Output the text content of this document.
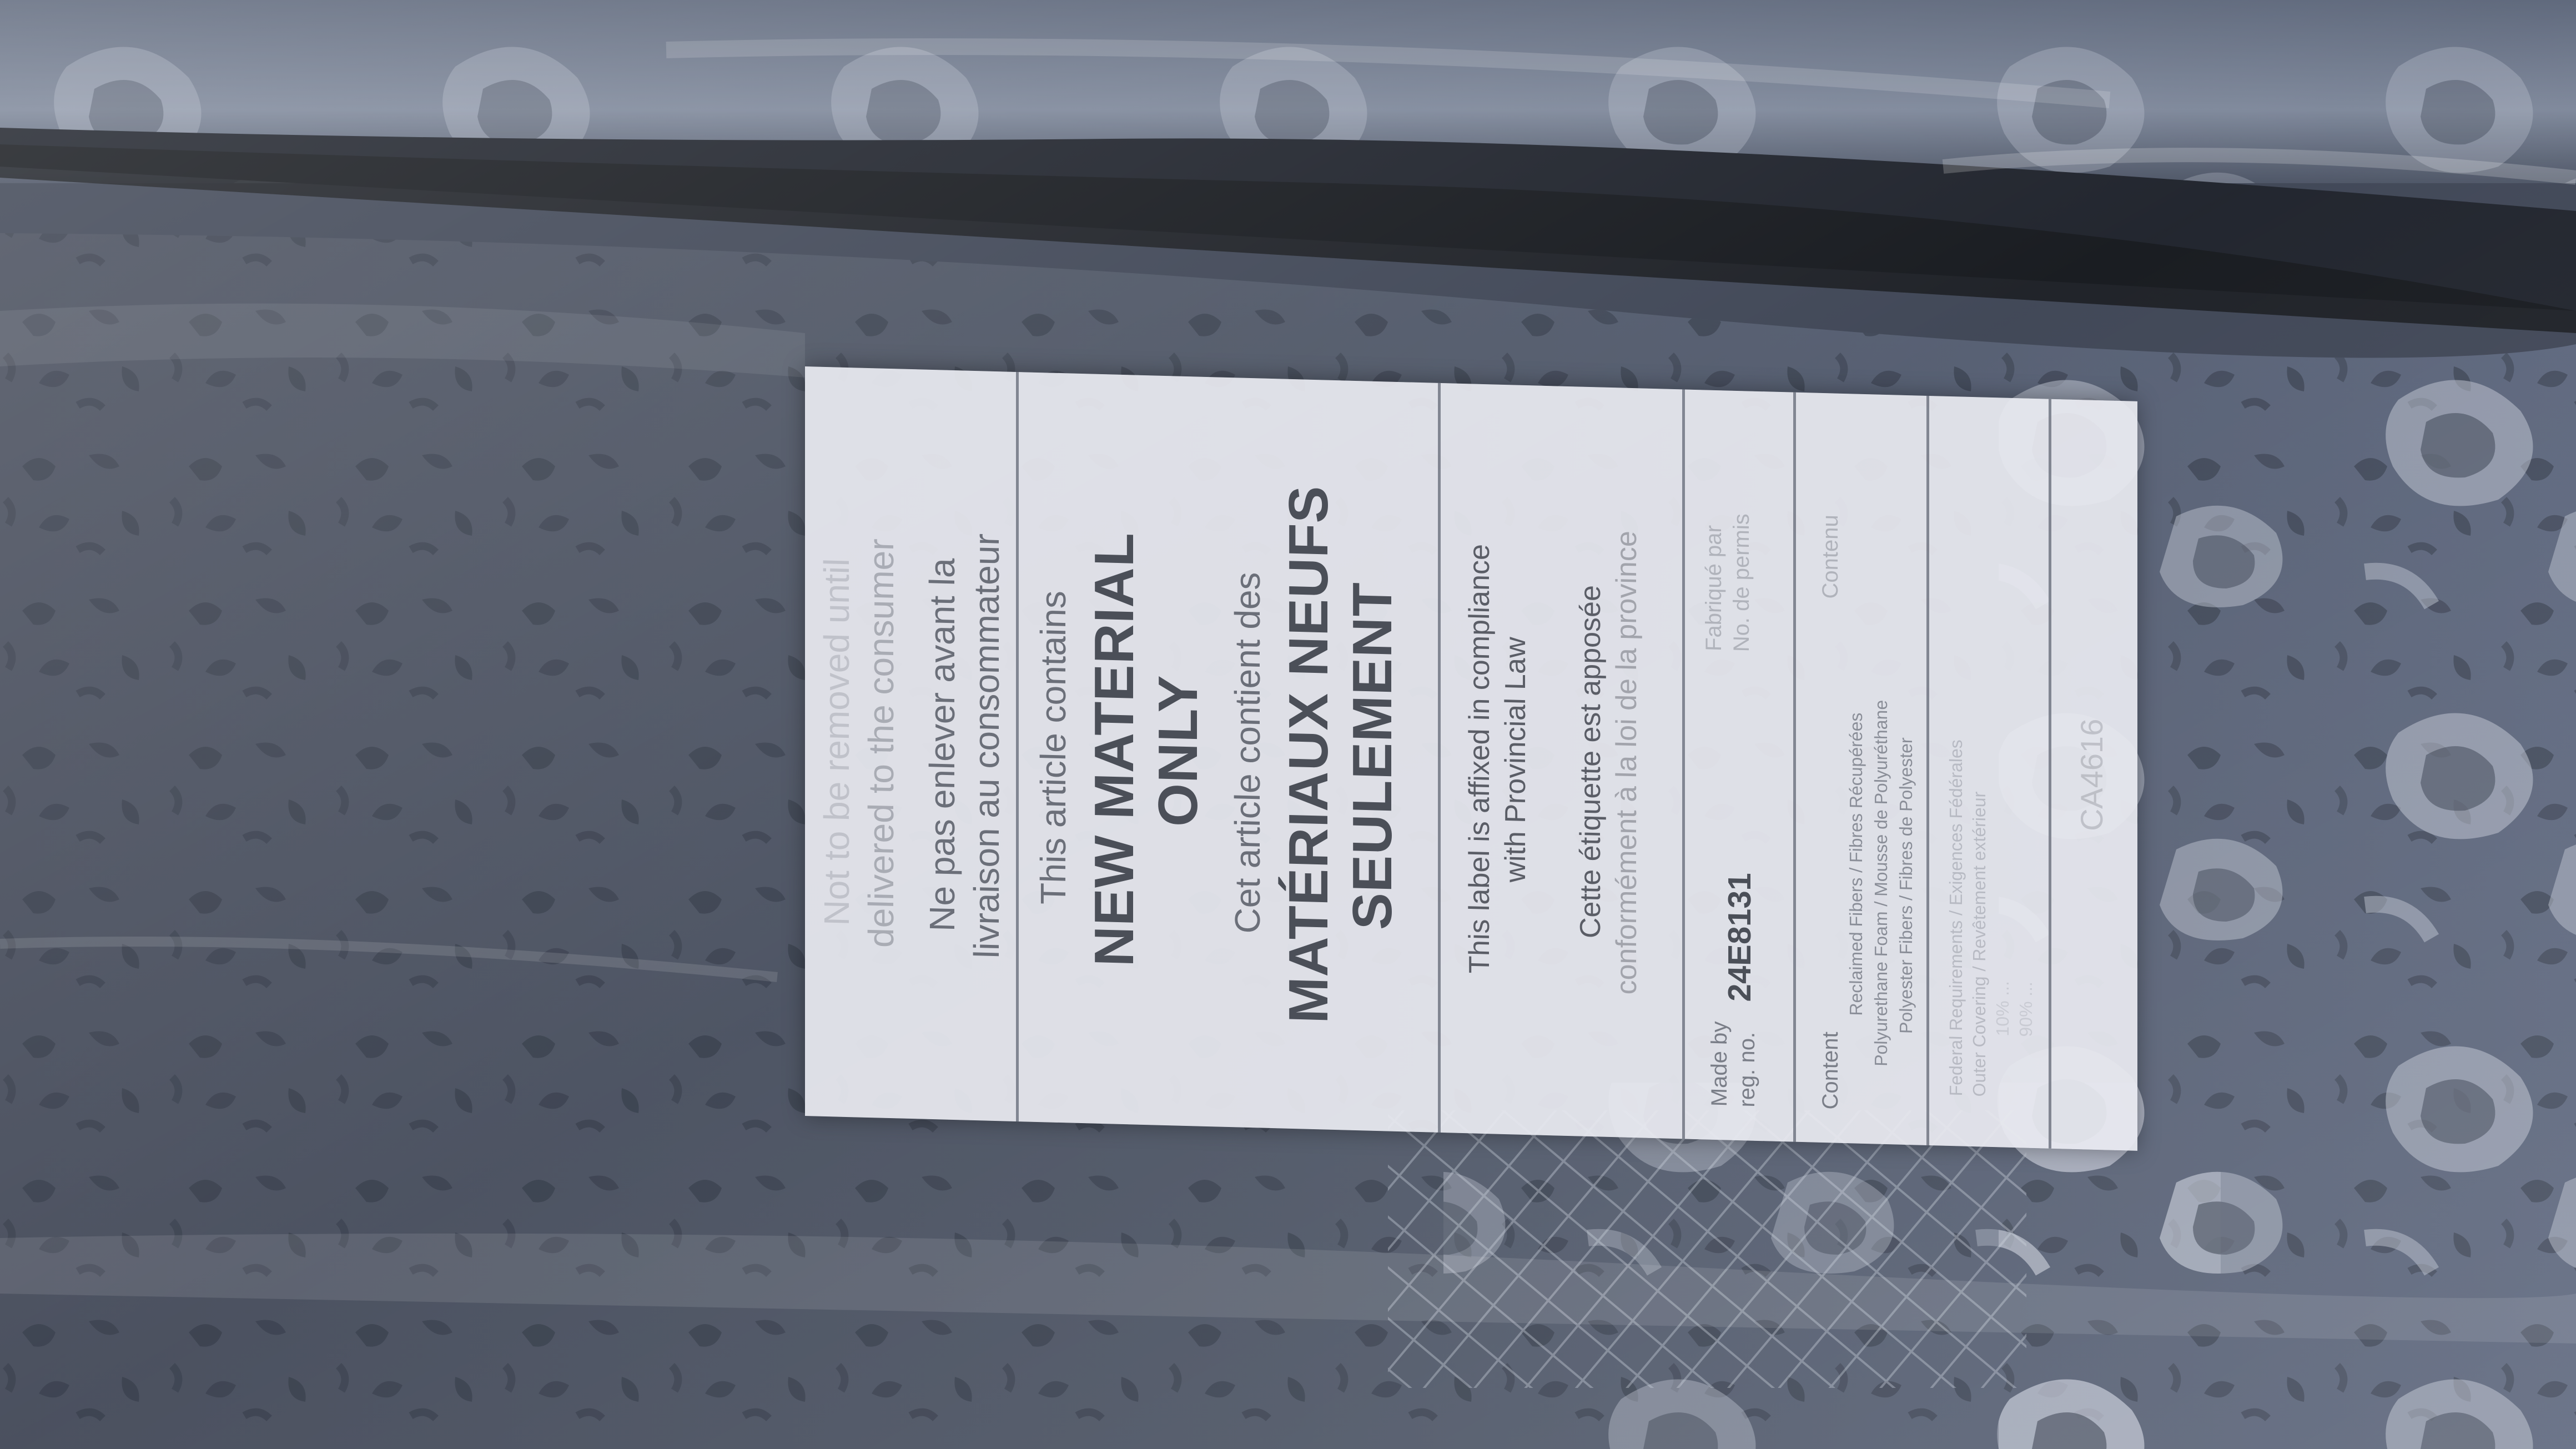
Not to be removed until delivered to the consumer Ne pas enlever avant la livraison au consommateur This article contains NEW MATERIAL ONLY Cet article contient des MATÉRIAUX NEUFS SEULEMENT This label is affixed in compliance with Provincial Law Cette étiquette est apposée conformément à la loi de la province
Made by reg. no.
24E8131
Fabriqué par No. de permis
Content
Contenu
Reclaimed Fibers / Fibres Récupérées Polyurethane Foam / Mousse de Polyuréthane Polyester Fibers / Fibres de Polyester Federal Requirements / Exigences Fédérales Outer Covering / Revêtement extérieur 10% ... 90% ...
CA4616
